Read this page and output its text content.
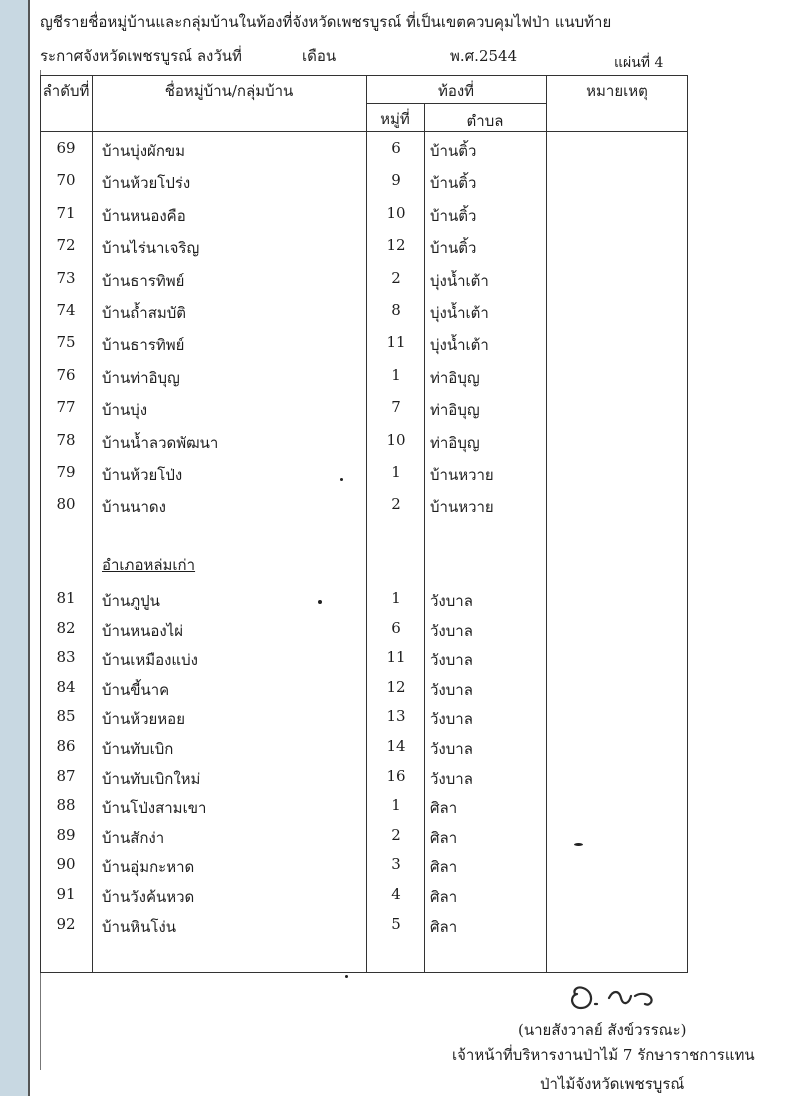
ญชีรายชื่อหมู่บ้านและกลุ่มบ้านในท้องที่จังหวัดเพชรบูรณ์ ที่เป็นเขตควบคุมไฟป่า แนบท้าย
ระกาศจังหวัดเพชรบูรณ์ ลงวันที่	เดือน	พ.ศ.2544	แผ่นที่ 4
ลำดับที่	ชื่อหมู่บ้าน/กลุ่มบ้าน	ท้องที่
หมู่ที่	ตำบล
หมายเหตุ
อำเภอหล่มเก่า
69	บ้านบุ่งผักขม	6	บ้านติ้ว
70	บ้านห้วยโปร่ง	9	บ้านติ้ว
71	บ้านหนองคือ	10	บ้านติ้ว
72	บ้านไร่นาเจริญ	12	บ้านติ้ว
73	บ้านธารทิพย์	2	บุ่งน้ำเต้า
74	บ้านถ้ำสมบัติ	8	บุ่งน้ำเต้า
75	บ้านธารทิพย์	11	บุ่งน้ำเต้า
76	บ้านท่าอิบุญ	1	ท่าอิบุญ
77	บ้านบุ่ง	7	ท่าอิบุญ
78	บ้านน้ำลวดพัฒนา	10	ท่าอิบุญ
79	บ้านห้วยโป่ง	1	บ้านหวาย
80	บ้านนาดง	2	บ้านหวาย
81	บ้านภูปูน	1	วังบาล
82	บ้านหนองไผ่	6	วังบาล
83	บ้านเหมืองแบ่ง	11	วังบาล
84	บ้านขี้นาค	12	วังบาล
85	บ้านห้วยหอย	13	วังบาล
86	บ้านทับเบิก	14	วังบาล
87	บ้านทับเบิกใหม่	16	วังบาล
88	บ้านโป่งสามเขา	1	ศิลา
89	บ้านสักง่า	2	ศิลา
90	บ้านอุ่มกะหาด	3	ศิลา
91	บ้านวังค้นหวด	4	ศิลา
92	บ้านหินโง่น	5	ศิลา
(นายสังวาลย์ สังข์วรรณะ)
เจ้าหน้าที่บริหารงานป่าไม้ 7 รักษาราชการแทน
ป่าไม้จังหวัดเพชรบูรณ์
